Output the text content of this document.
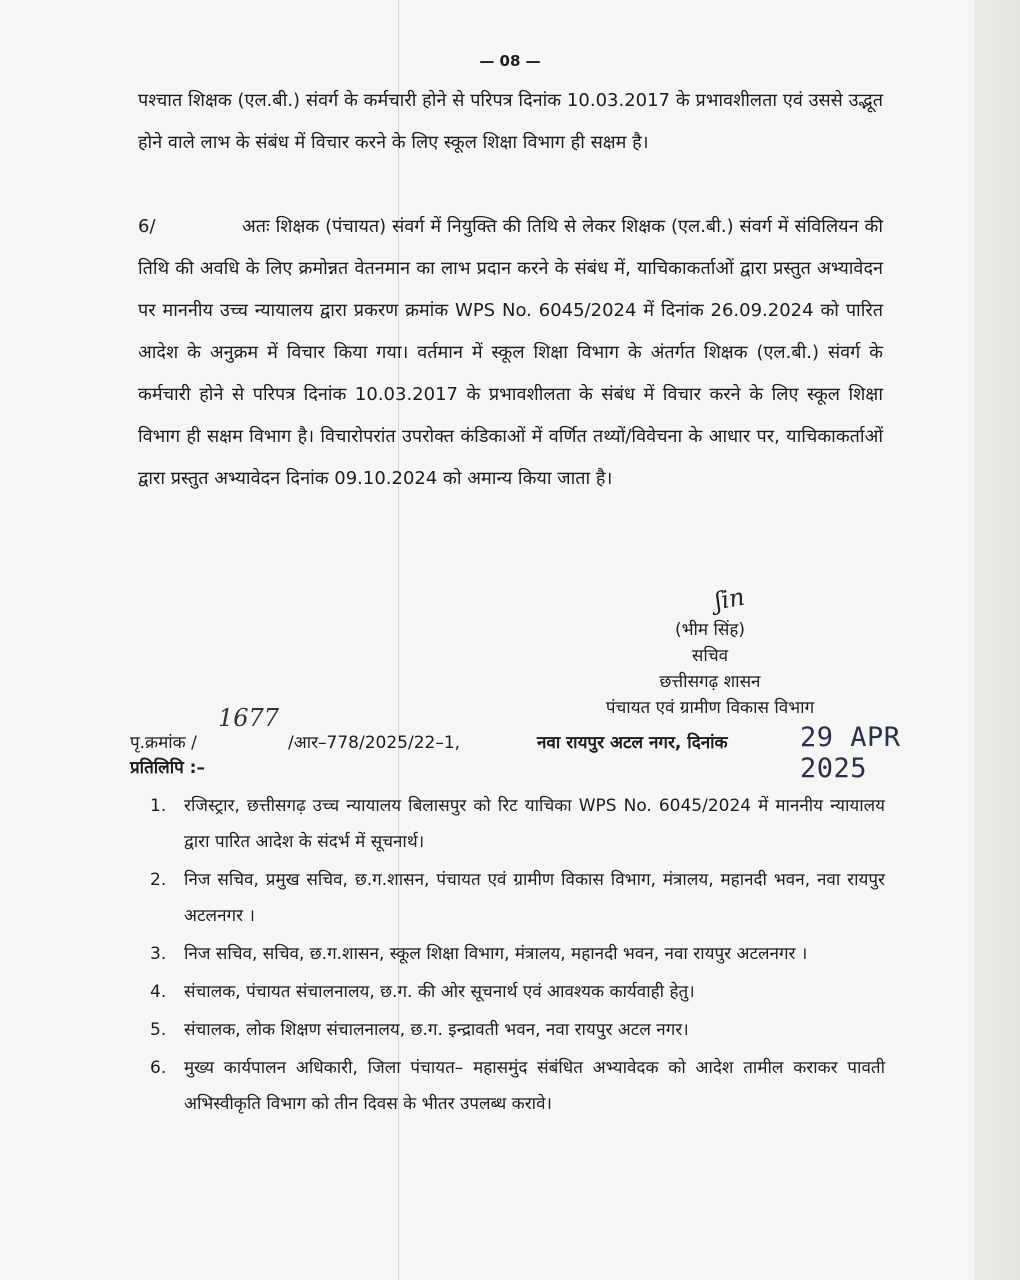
— 08 —
पश्चात शिक्षक (एल.बी.) संवर्ग के कर्मचारी होने से परिपत्र दिनांक 10.03.2017 के प्रभावशीलता एवं उससे उद्भूत होने वाले लाभ के संबंध में विचार करने के लिए स्कूल शिक्षा विभाग ही सक्षम है।
6/	अतः शिक्षक (पंचायत) संवर्ग में नियुक्ति की तिथि से लेकर शिक्षक (एल.बी.) संवर्ग में संविलियन की तिथि की अवधि के लिए क्रमोन्नत वेतनमान का लाभ प्रदान करने के संबंध में, याचिकाकर्ताओं द्वारा प्रस्तुत अभ्यावेदन पर माननीय उच्च न्यायालय द्वारा प्रकरण क्रमांक WPS No. 6045/2024 में दिनांक 26.09.2024 को पारित आदेश के अनुक्रम में विचार किया गया। वर्तमान में स्कूल शिक्षा विभाग के अंतर्गत शिक्षक (एल.बी.) संवर्ग के कर्मचारी होने से परिपत्र दिनांक 10.03.2017 के प्रभावशीलता के संबंध में विचार करने के लिए स्कूल शिक्षा विभाग ही सक्षम विभाग है। विचारोपरांत उपरोक्त कंडिकाओं में वर्णित तथ्यों/विवेचना के आधार पर, याचिकाकर्ताओं द्वारा प्रस्तुत अभ्यावेदन दिनांक 09.10.2024 को अमान्य किया जाता है।
ʃin
(भीम सिंह)
सचिव
छत्तीसगढ़ शासन
पंचायत एवं ग्रामीण विकास विभाग
पृ.क्रमांक /
1677
/आर–778/2025/22–1,	नवा रायपुर अटल नगर, दिनांक	29 APR 2025
प्रतिलिपि :–
1.	रजिस्ट्रार, छत्तीसगढ़ उच्च न्यायालय बिलासपुर को रिट याचिका WPS No. 6045/2024 में माननीय न्यायालय द्वारा पारित आदेश के संदर्भ में सूचनार्थ।
2.	निज सचिव, प्रमुख सचिव, छ.ग.शासन, पंचायत एवं ग्रामीण विकास विभाग, मंत्रालय, महानदी भवन, नवा रायपुर अटलनगर ।
3.	निज सचिव, सचिव, छ.ग.शासन, स्कूल शिक्षा विभाग, मंत्रालय, महानदी भवन, नवा रायपुर अटलनगर ।
4.	संचालक, पंचायत संचालनालय, छ.ग. की ओर सूचनार्थ एवं आवश्यक कार्यवाही हेतु।
5.	संचालक, लोक शिक्षण संचालनालय, छ.ग. इन्द्रावती भवन, नवा रायपुर अटल नगर।
6.	मुख्य कार्यपालन अधिकारी, जिला पंचायत– महासमुंद संबंधित अभ्यावेदक को आदेश तामील कराकर पावती अभिस्वीकृति विभाग को तीन दिवस के भीतर उपलब्ध करावे।
